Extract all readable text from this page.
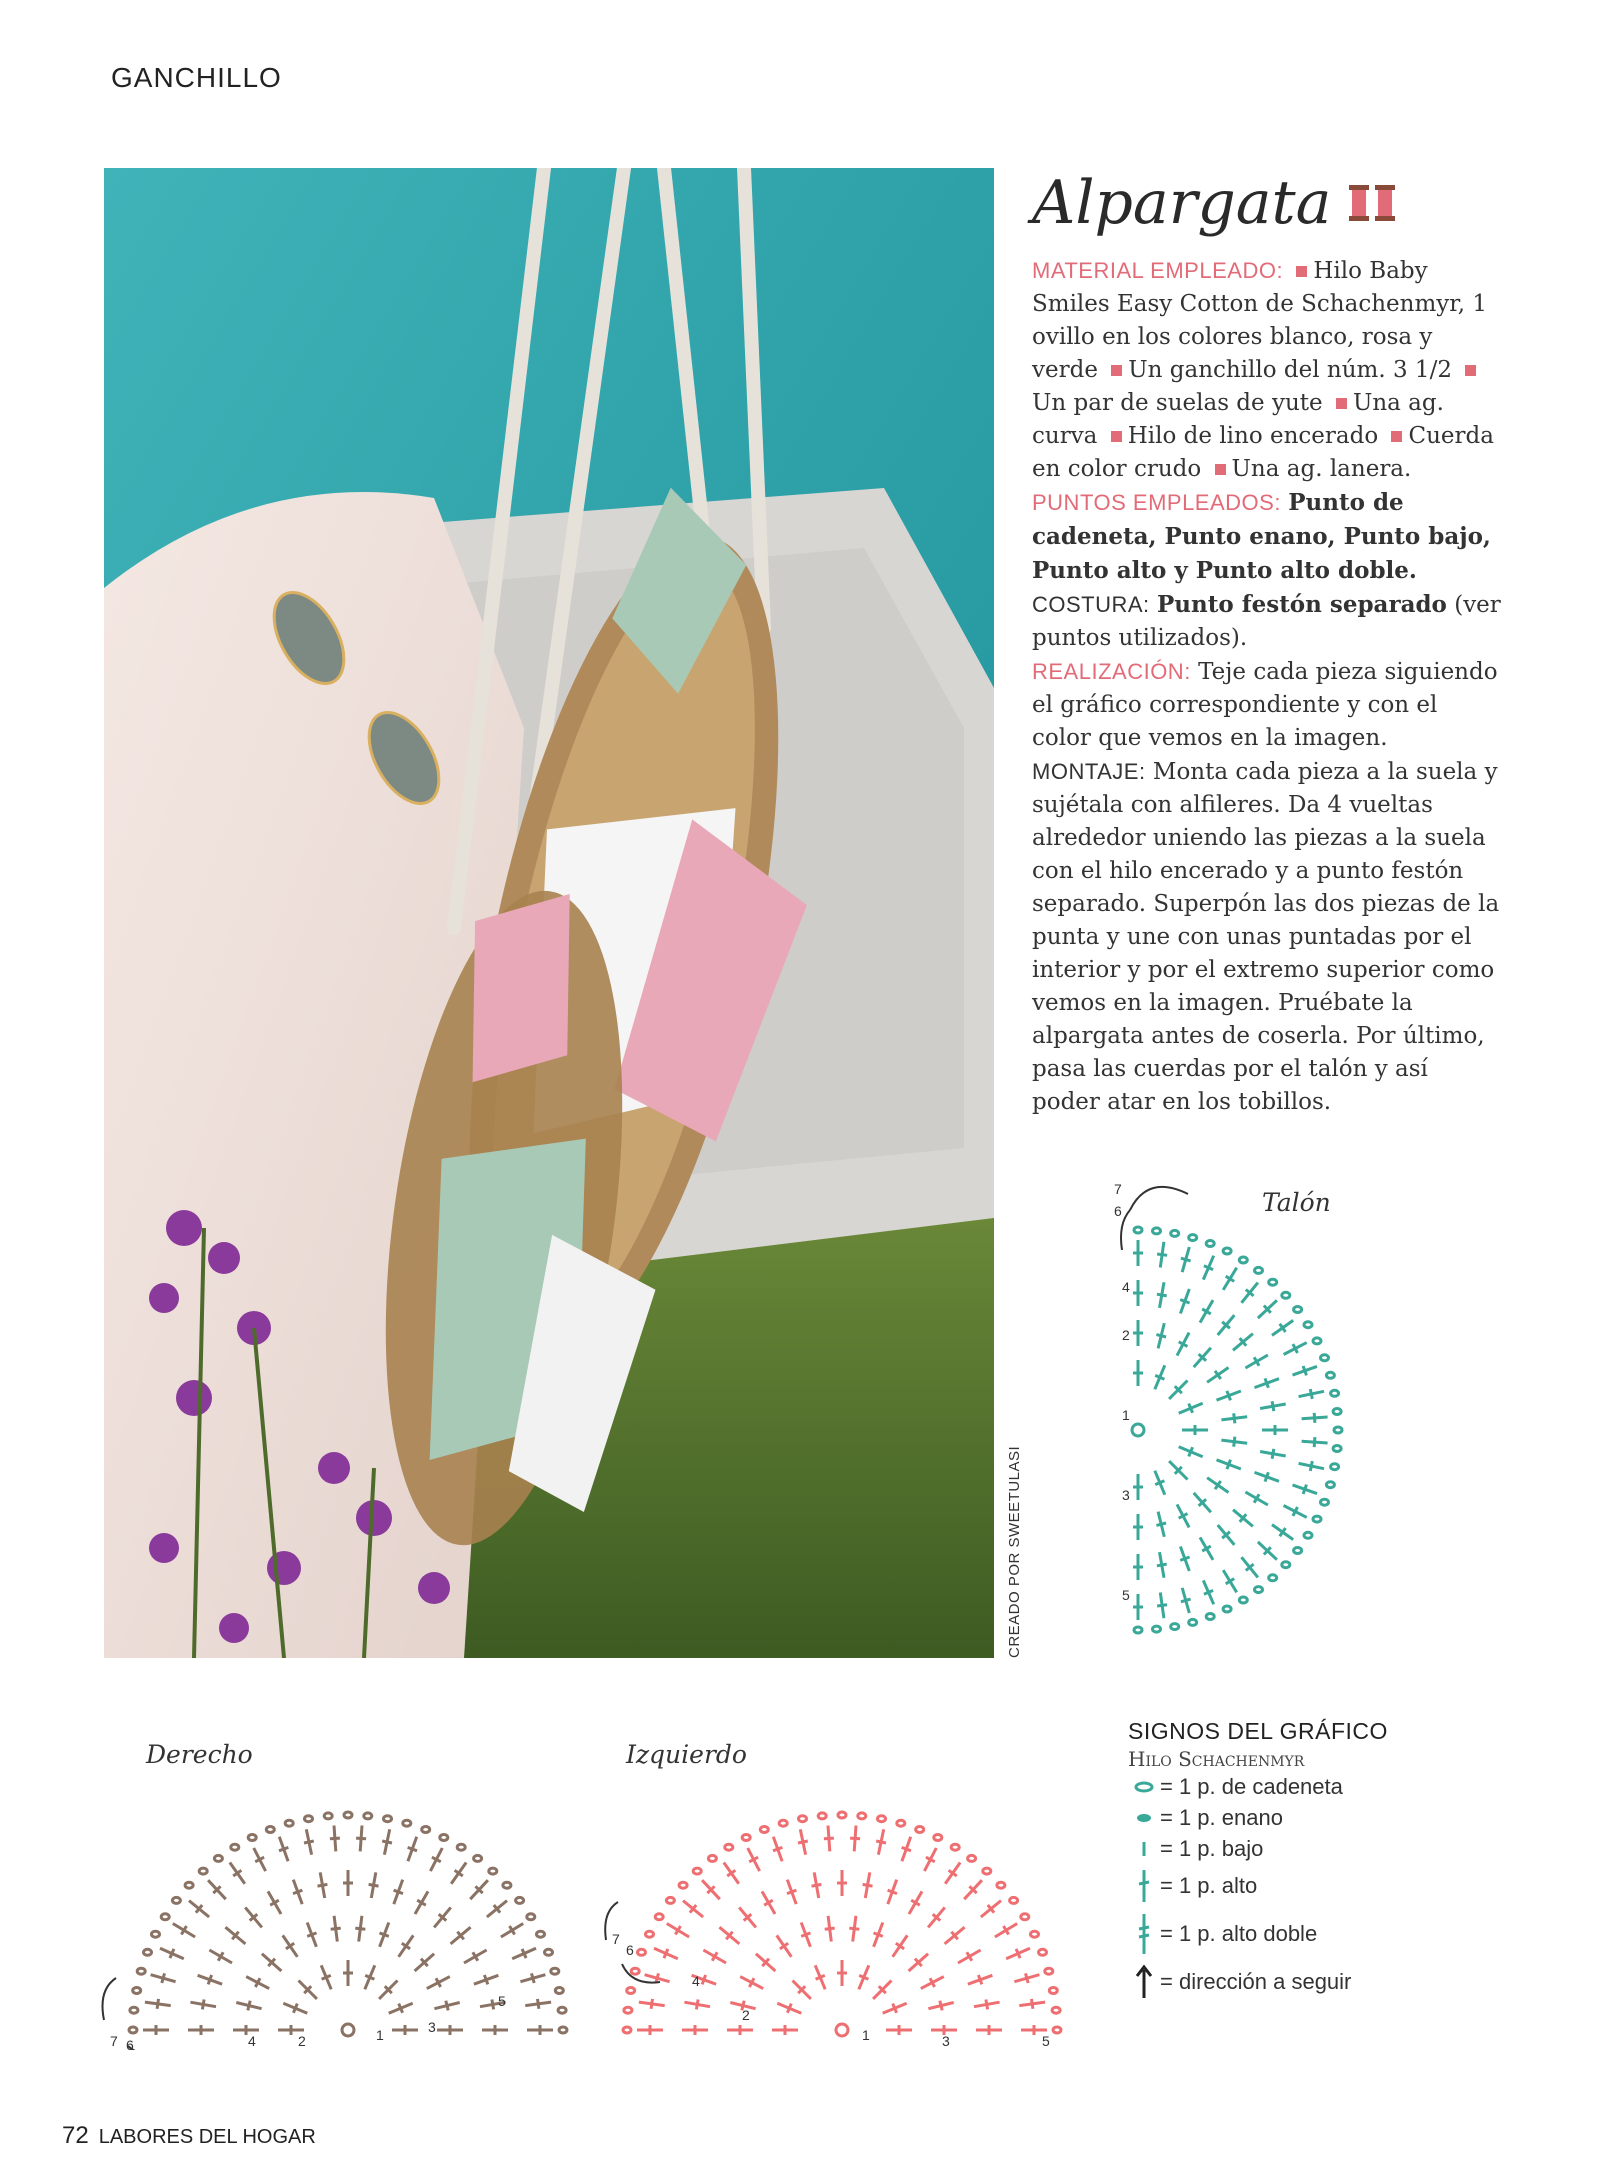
GANCHILLO
CREADO POR SWEETULASI
Alpargata

MATERIAL EMPLEADO: Hilo Baby Smiles Easy Cotton de Schachenmyr, 1 ovillo en los colores blanco, rosa y verde Un ganchillo del núm. 3 1/2 Un par de suelas de yute Una ag. curva Hilo de lino encerado Cuerda en color crudo Una ag. lanera.

PUNTOS EMPLEADOS: Punto de cadeneta, Punto enano, Punto bajo, Punto alto y Punto alto doble. COSTURA: Punto festón separado (ver puntos utilizados).

REALIZACIÓN: Teje cada pieza siguiendo el gráfico correspondiente y con el color que vemos en la imagen.

MONTAJE: Monta cada pieza a la suela y sujétala con alfileres. Da 4 vueltas alrededor uniendo las piezas a la suela con el hilo encerado y a punto festón separado. Superpón las dos piezas de la punta y une con unas puntadas por el interior y por el extremo superior como vemos en la imagen. Pruébate la alpargata antes de coserla. Por último, pasa las cuerdas por el talón y así poder atar en los tobillos.

Talón
7
6
4
2
1
3
5
Derecho
7 6	4	2	1	3
5
Izquierdo
7
6
4
2
1	3	5
SIGNOS DEL GRÁFICO
Hilo Schachenmyr
= 1 p. de cadeneta
= 1 p. enano
= 1 p. bajo
= 1 p. alto
= 1 p. alto doble
= dirección a seguir
72 LABORES DEL HOGAR
